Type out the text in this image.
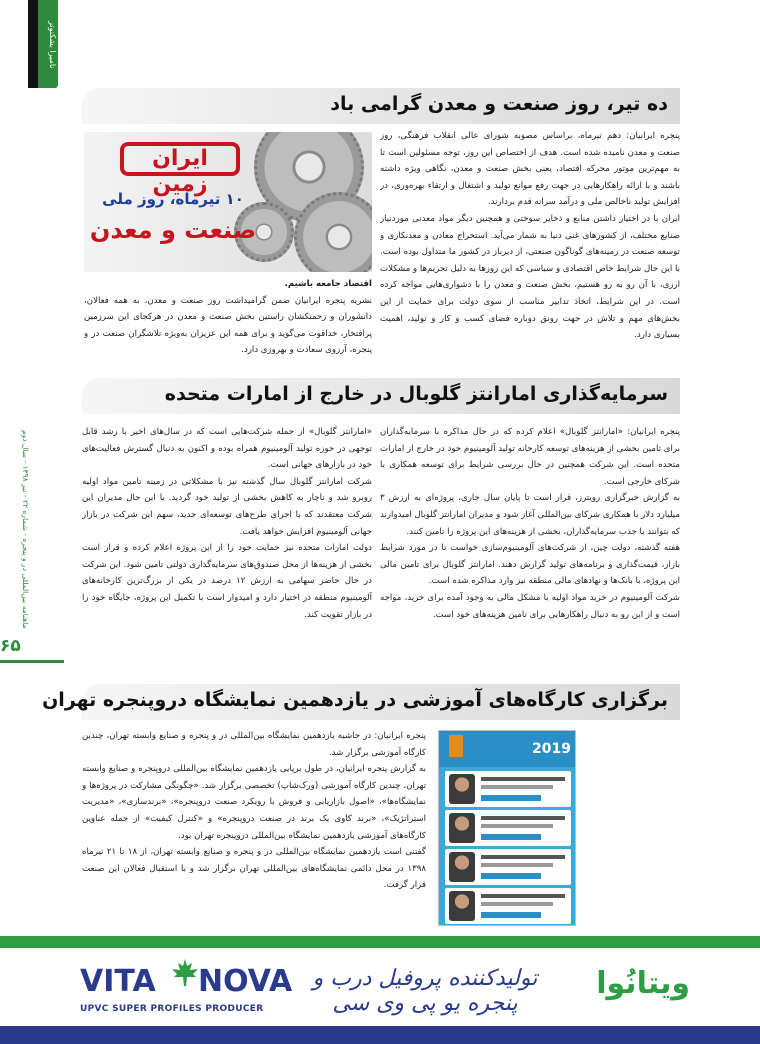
نامیرا بشکنوتر
ماهنامه بین‌المللی در و پنجره - شماره ۲۲ - تیر ۱۳۹۸ - سال دوم
۶۵
ده تیر، روز صنعت و معدن گرامی باد

پنجره ایرانیان: دهم تیرماه، براساس مصوبه شورای عالی انقلاب فرهنگی، روز صنعت و معدن نامیده شده است. هدف از اختصاص این روز، توجه مسئولین است تا به مهم‌ترین موتور محرکه اقتصاد، یعنی بخش صنعت و معدن، نگاهی ویژه داشته باشند و با ارائه راهکارهایی در جهت رفع موانع تولید و اشتغال و ارتقاء بهره‌وری، در افزایش تولید ناخالص ملی و درآمد سرانه قدم بردارند.

ایران با در اختیار داشتن منابع و ذخایر سوختی و همچنین دیگر مواد معدنی موردنیاز صنایع مختلف، از کشورهای غنی دنیا به شمار می‌آید. استخراج معادن و معدنکاری و توسعه صنعت در زمینه‌های گوناگون صنعتی، از دیرباز در کشور ما متداول بوده است. با این حال شرایط خاص اقتصادی و سیاسی که این روزها به دلیل تحریم‌ها و مشکلات ارزی، با آن رو به رو هستیم، بخش صنعت و معدن را با دشواری‌هایی مواجه کرده است. در این شرایط، اتخاذ تدابیر مناسب از سوی دولت برای حمایت از این بخش‌های مهم و تلاش در جهت رونق دوباره فضای کسب و کار و تولید، اهمیت بسیاری دارد.

ایران زمین
۱۰ تیرماه، روز ملی
صنعت و معدن

اقتصاد جامعه باشیم.

نشریه پنجره ایرانیان ضمن گرامیداشت روز صنعت و معدن، به همه فعالان، دانشوران و زحمتکشان راستین بخش صنعت و معدن در هرکجای این سرزمین پرافتخار، خداقوت می‌گوید و برای همه این عزیزان به‌ویژه تلاشگران صنعت در و پنجره، آرزوی سعادت و بهروزی دارد.

سرمایه‌گذاری امارانتز گلوبال در خارج از امارات متحده

پنجره ایرانیان: «امارانتز گلوبال» اعلام کرده که در حال مذاکره با سرمایه‌گذاران برای تامین بخشی از هزینه‌های توسعه کارخانه تولید آلومینیوم خود در خارج از امارات متحده است. این شرکت همچنین در حال بررسی شرایط برای توسعه همکاری با شرکای خارجی است.

به گزارش خبرگزاری رویترز، قرار است تا پایان سال جاری، پروژه‌ای به ارزش ۳ میلیارد دلار با همکاری شرکای بین‌المللی آغاز شود و مدیران امارانتز گلوبال امیدوارند که بتوانند با جذب سرمایه‌گذاران، بخشی از هزینه‌های این پروژه را تامین کنند.

هفته گذشته، دولت چین، از شرکت‌های آلومینیوم‌سازی خواست تا در مورد شرایط بازار، قیمت‌گذاری و برنامه‌های تولید گزارش دهند. امارانتز گلوبال برای تامین مالی این پروژه، با بانک‌ها و نهادهای مالی منطقه نیز وارد مذاکره شده است.

شرکت آلومینیوم در خرید مواد اولیه با مشکل مالی به وجود آمده برای خرید، مواجه است و از این رو به دنبال راهکارهایی برای تامین هزینه‌های خود است.

«امارانتز گلوبال» از جمله شرکت‌هایی است که در سال‌های اخیر با رشد قابل توجهی در حوزه تولید آلومینیوم همراه بوده و اکنون به دنبال گسترش فعالیت‌های خود در بازارهای جهانی است.

شرکت امارانتز گلوبال سال گذشته نیز با مشکلاتی در زمینه تامین مواد اولیه روبرو شد و ناچار به کاهش بخشی از تولید خود گردید. با این حال مدیران این شرکت معتقدند که با اجرای طرح‌های توسعه‌ای جدید، سهم این شرکت در بازار جهانی آلومینیوم افزایش خواهد یافت.

دولت امارات متحده نیز حمایت خود را از این پروژه اعلام کرده و قرار است بخشی از هزینه‌ها از محل صندوق‌های سرمایه‌گذاری دولتی تامین شود. این شرکت در حال حاضر سهامی به ارزش ۱۲ درصد در یکی از بزرگ‌ترین کارخانه‌های آلومینیوم منطقه در اختیار دارد و امیدوار است با تکمیل این پروژه، جایگاه خود را در بازار تقویت کند.

برگزاری کارگاه‌های آموزشی در یازدهمین نمایشگاه درو‌پنجره تهران
2019

پنجره ایرانیان: در حاشیه یازدهمین نمایشگاه بین‌المللی در و پنجره و صنایع وابسته تهران، چندین کارگاه آموزشی برگزار شد.

به گزارش پنجره ایرانیان، در طول برپایی یازدهمین نمایشگاه بین‌المللی درو‌پنجره و صنایع وابسته تهران، چندین کارگاه آموزشی (ورک‌شاپ) تخصصی برگزار شد. «چگونگی مشارکت در پروژه‌ها و نمایشگاه‌ها»، «اصول بازاریابی و فروش با رویکرد صنعت درو‌پنجره»، «برندسازی»، «مدیریت استراتژیک»، «برند کاوی یک برند در صنعت درو‌پنجره» و «کنترل کیفیت» از جمله عناوین کارگاه‌های آموزشی یازدهمین نمایشگاه بین‌المللی درو‌پنجره تهران بود.

گفتنی است یازدهمین نمایشگاه بین‌المللی در و پنجره و صنایع وابسته تهران، از ۱۸ تا ۲۱ تیرماه ۱۳۹۸ در محل دائمی نمایشگاه‌های بین‌المللی تهران برگزار شد و با استقبال فعالان این صنعت قرار گرفت.

ویتانُوا
تولیدکننده پروفیل درب و پنجره یو پی وی سی
VITA NOVA
UPVC SUPER PROFILES PRODUCER
